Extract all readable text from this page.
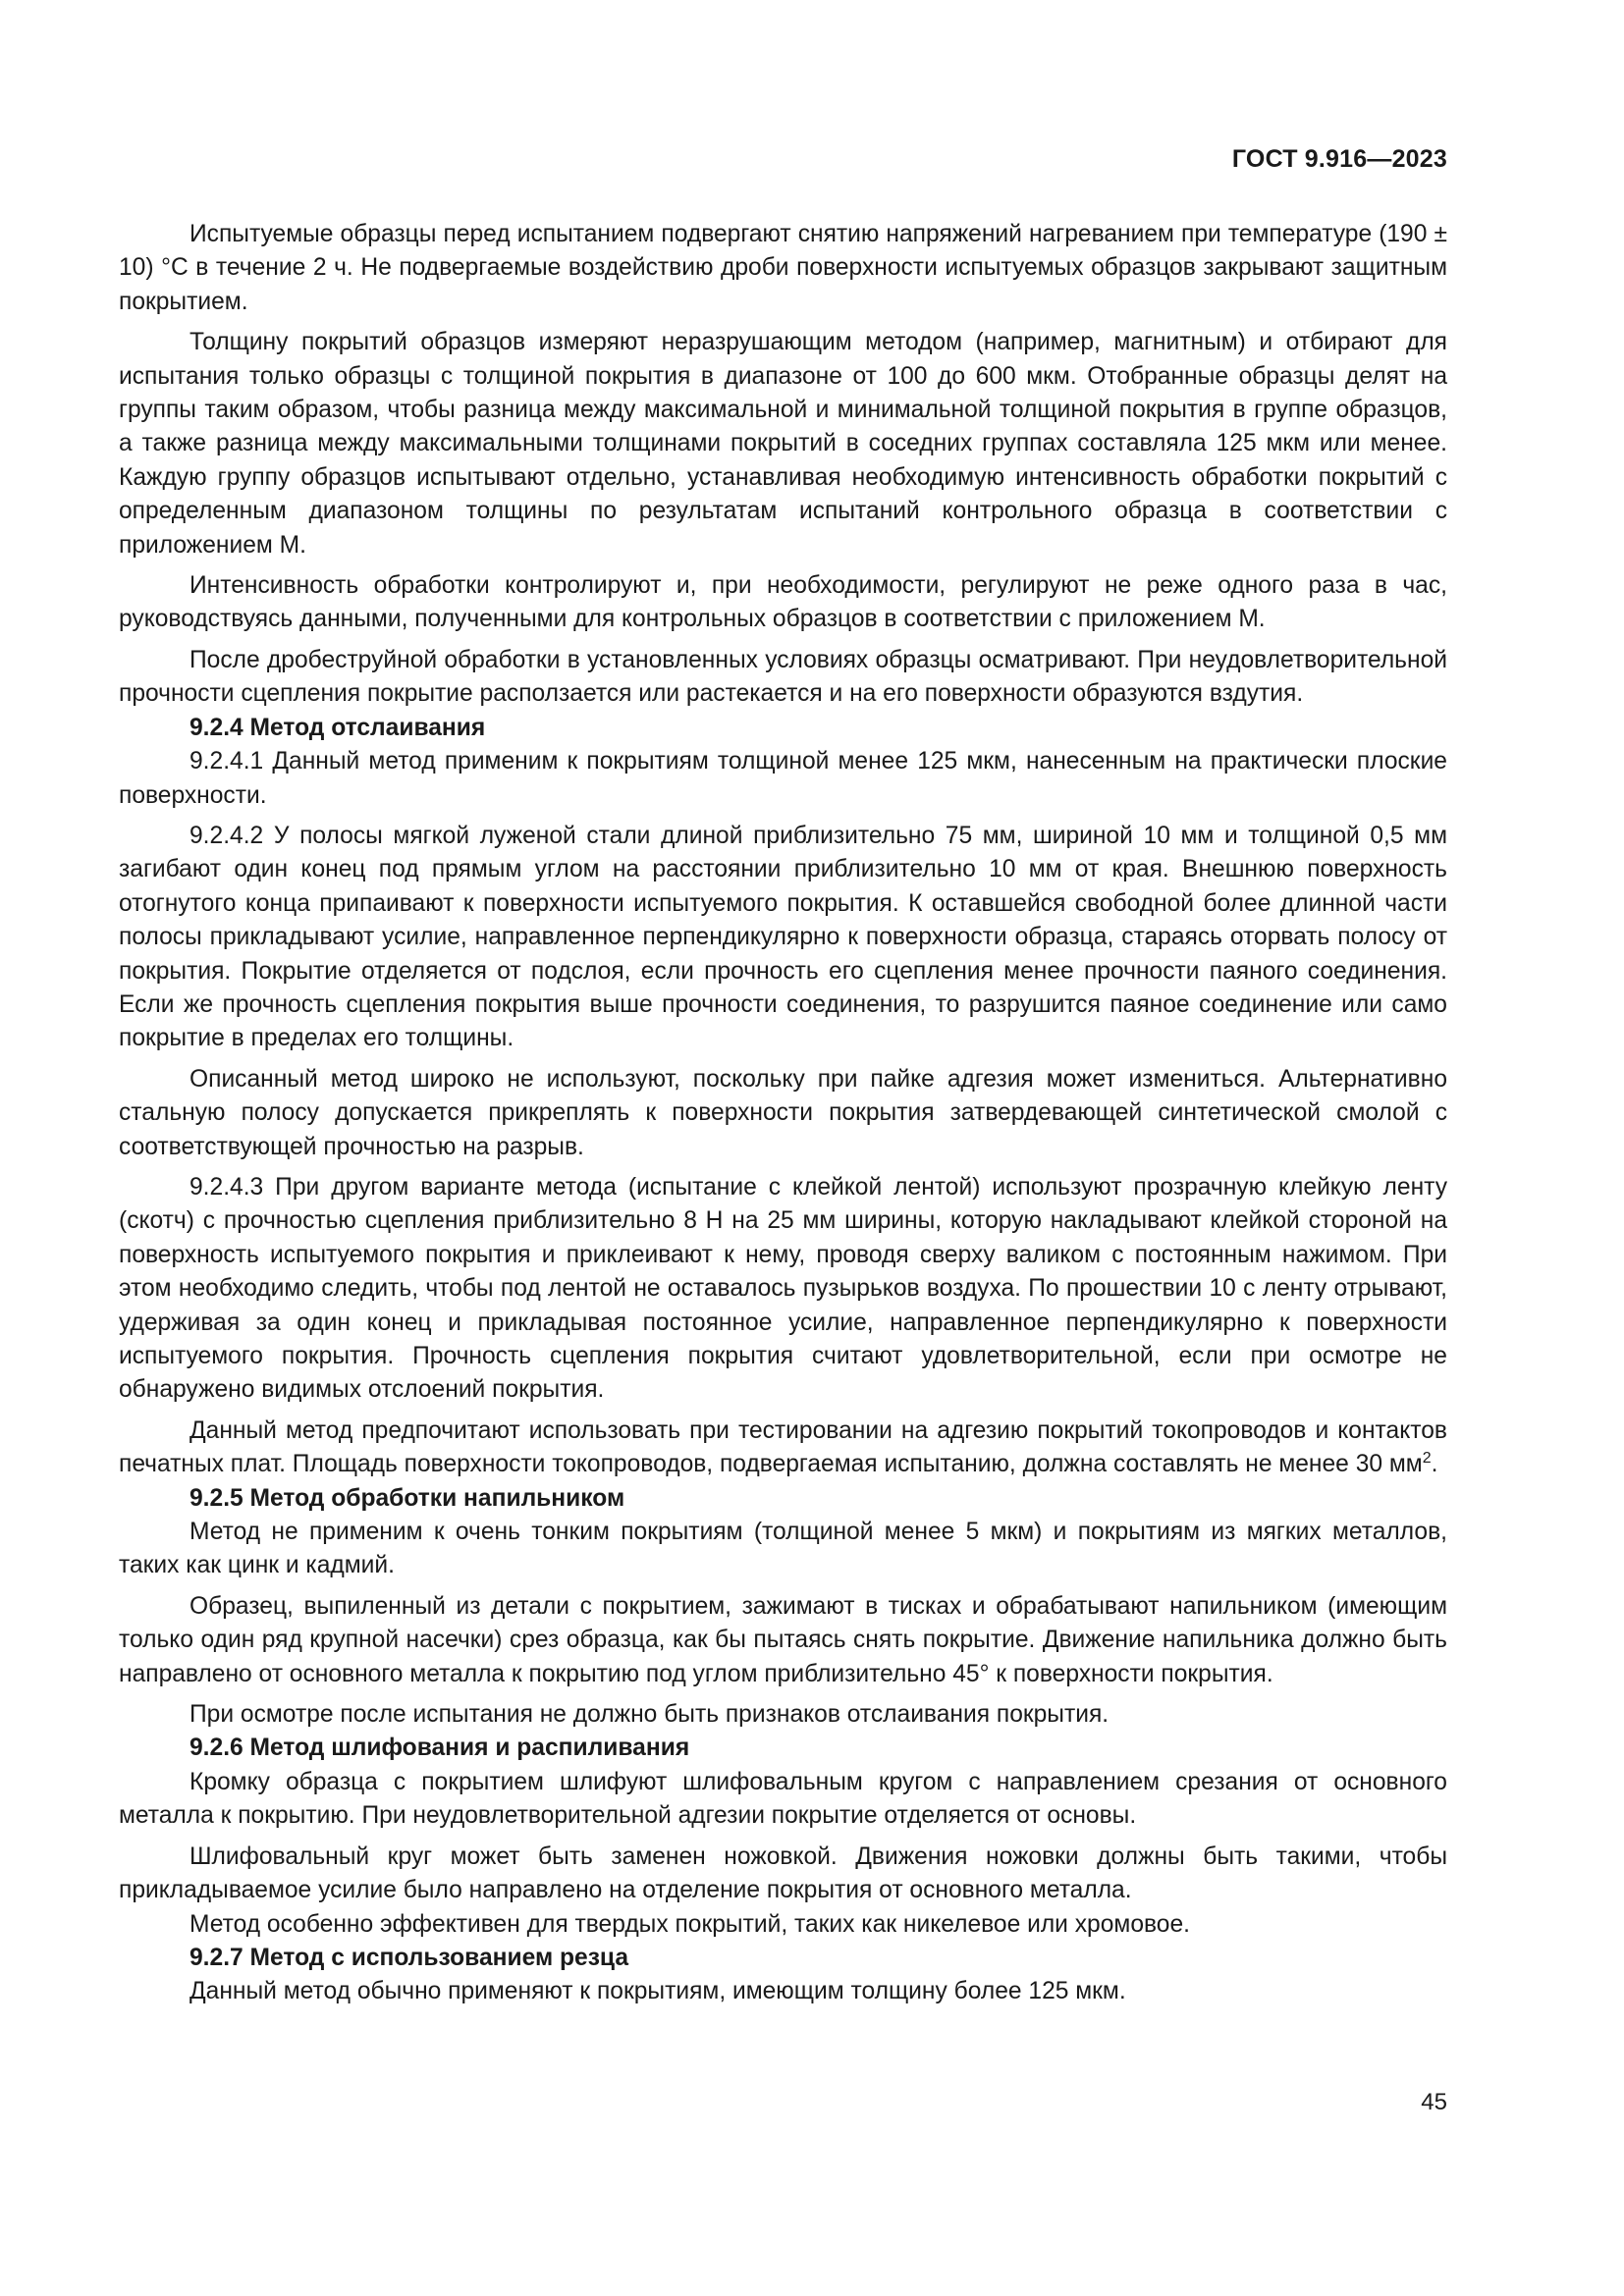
ГОСТ 9.916—2023

Испытуемые образцы перед испытанием подвергают снятию напряжений нагреванием при температуре (190 ± 10) °С в течение 2 ч. Не подвергаемые воздействию дроби поверхности испытуемых образцов закрывают защитным покрытием.

Толщину покрытий образцов измеряют неразрушающим методом (например, магнитным) и отбирают для испытания только образцы с толщиной покрытия в диапазоне от 100 до 600 мкм. Отобранные образцы делят на группы таким образом, чтобы разница между максимальной и минимальной толщиной покрытия в группе образцов, а также разница между максимальными толщинами покрытий в соседних группах составляла 125 мкм или менее. Каждую группу образцов испытывают отдельно, устанавливая необходимую интенсивность обработки покрытий с определенным диапазоном толщины по результатам испытаний контрольного образца в соответствии с приложением М.

Интенсивность обработки контролируют и, при необходимости, регулируют не реже одного раза в час, руководствуясь данными, полученными для контрольных образцов в соответствии с приложением М.

После дробеструйной обработки в установленных условиях образцы осматривают. При неудовлетворительной прочности сцепления покрытие расползается или растекается и на его поверхности образуются вздутия.

9.2.4 Метод отслаивания

9.2.4.1 Данный метод применим к покрытиям толщиной менее 125 мкм, нанесенным на практически плоские поверхности.

9.2.4.2 У полосы мягкой луженой стали длиной приблизительно 75 мм, шириной 10 мм и толщиной 0,5 мм загибают один конец под прямым углом на расстоянии приблизительно 10 мм от края. Внешнюю поверхность отогнутого конца припаивают к поверхности испытуемого покрытия. К оставшейся свободной более длинной части полосы прикладывают усилие, направленное перпендикулярно к поверхности образца, стараясь оторвать полосу от покрытия. Покрытие отделяется от подслоя, если прочность его сцепления менее прочности паяного соединения. Если же прочность сцепления покрытия выше прочности соединения, то разрушится паяное соединение или само покрытие в пределах его толщины.

Описанный метод широко не используют, поскольку при пайке адгезия может измениться. Альтернативно стальную полосу допускается прикреплять к поверхности покрытия затвердевающей синтетической смолой с соответствующей прочностью на разрыв.

9.2.4.3 При другом варианте метода (испытание с клейкой лентой) используют прозрачную клейкую ленту (скотч) с прочностью сцепления приблизительно 8 Н на 25 мм ширины, которую накладывают клейкой стороной на поверхность испытуемого покрытия и приклеивают к нему, проводя сверху валиком с постоянным нажимом. При этом необходимо следить, чтобы под лентой не оставалось пузырьков воздуха. По прошествии 10 с ленту отрывают, удерживая за один конец и прикладывая постоянное усилие, направленное перпендикулярно к поверхности испытуемого покрытия. Прочность сцепления покрытия считают удовлетворительной, если при осмотре не обнаружено видимых отслоений покрытия.

Данный метод предпочитают использовать при тестировании на адгезию покрытий токопроводов и контактов печатных плат. Площадь поверхности токопроводов, подвергаемая испытанию, должна составлять не менее 30 $мм^2$.

9.2.5 Метод обработки напильником

Метод не применим к очень тонким покрытиям (толщиной менее 5 мкм) и покрытиям из мягких металлов, таких как цинк и кадмий.

Образец, выпиленный из детали с покрытием, зажимают в тисках и обрабатывают напильником (имеющим только один ряд крупной насечки) срез образца, как бы пытаясь снять покрытие. Движение напильника должно быть направлено от основного металла к покрытию под углом приблизительно 45° к поверхности покрытия.

При осмотре после испытания не должно быть признаков отслаивания покрытия.

9.2.6 Метод шлифования и распиливания

Кромку образца с покрытием шлифуют шлифовальным кругом с направлением срезания от основного металла к покрытию. При неудовлетворительной адгезии покрытие отделяется от основы.

Шлифовальный круг может быть заменен ножовкой. Движения ножовки должны быть такими, чтобы прикладываемое усилие было направлено на отделение покрытия от основного металла.

Метод особенно эффективен для твердых покрытий, таких как никелевое или хромовое.

9.2.7 Метод с использованием резца

Данный метод обычно применяют к покрытиям, имеющим толщину более 125 мкм.

45
